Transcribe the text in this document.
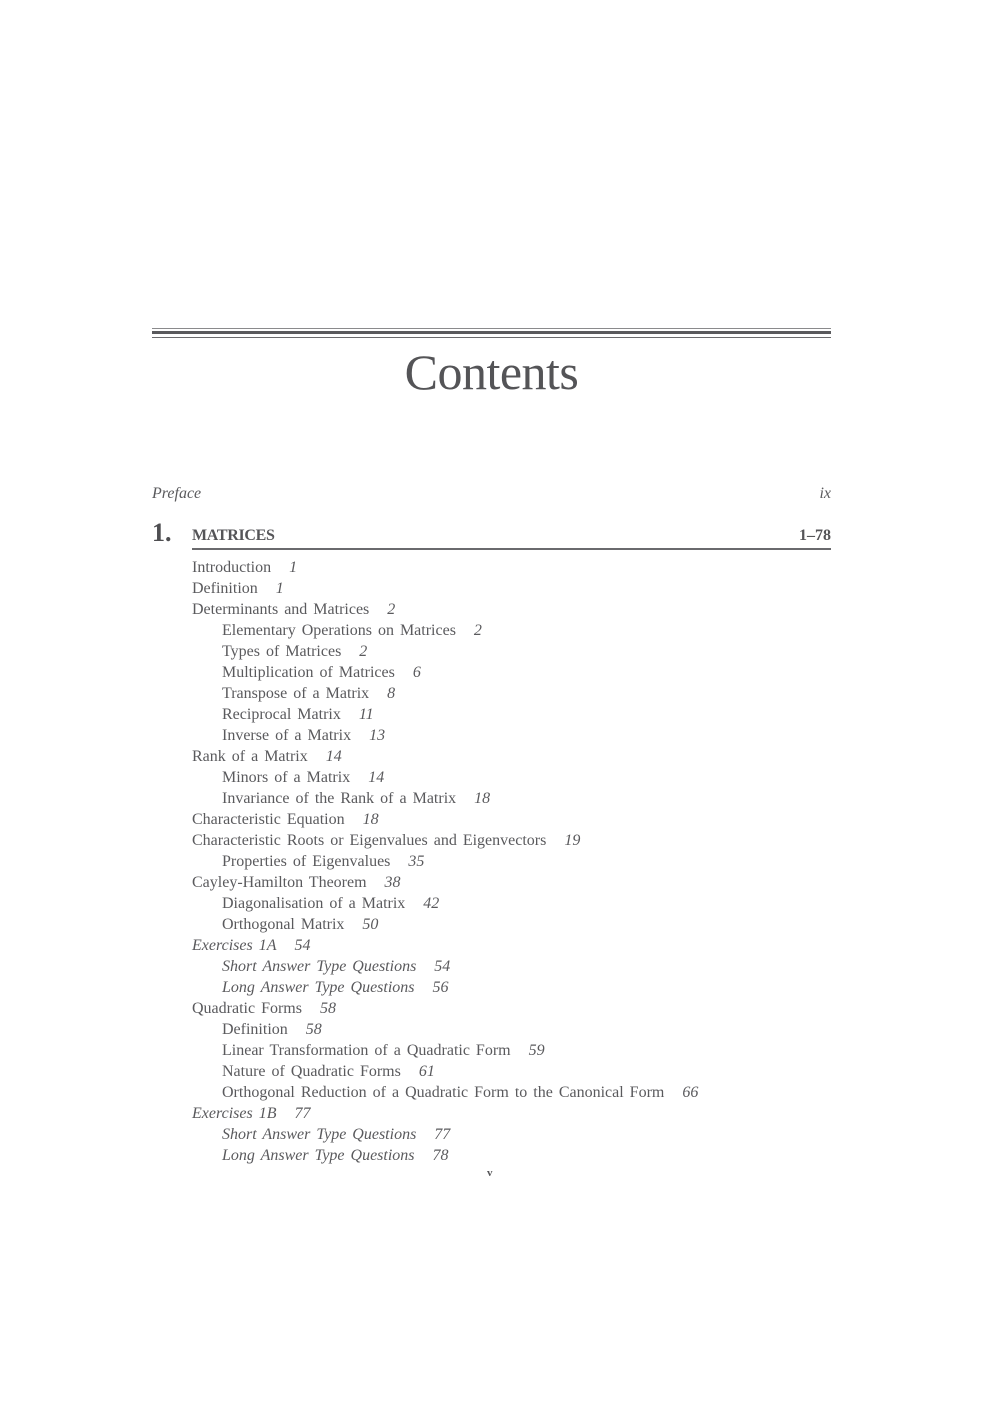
Contents
Preface	ix
1. MATRICES	1–78
Introduction 1
Definition 1
Determinants and Matrices 2
Elementary Operations on Matrices 2
Types of Matrices 2
Multiplication of Matrices 6
Transpose of a Matrix 8
Reciprocal Matrix 11
Inverse of a Matrix 13
Rank of a Matrix 14
Minors of a Matrix 14
Invariance of the Rank of a Matrix 18
Characteristic Equation 18
Characteristic Roots or Eigenvalues and Eigenvectors 19
Properties of Eigenvalues 35
Cayley-Hamilton Theorem 38
Diagonalisation of a Matrix 42
Orthogonal Matrix 50
Exercises 1A 54
Short Answer Type Questions 54
Long Answer Type Questions 56
Quadratic Forms 58
Definition 58
Linear Transformation of a Quadratic Form 59
Nature of Quadratic Forms 61
Orthogonal Reduction of a Quadratic Form to the Canonical Form 66
Exercises 1B 77
Short Answer Type Questions 77
Long Answer Type Questions 78
v
